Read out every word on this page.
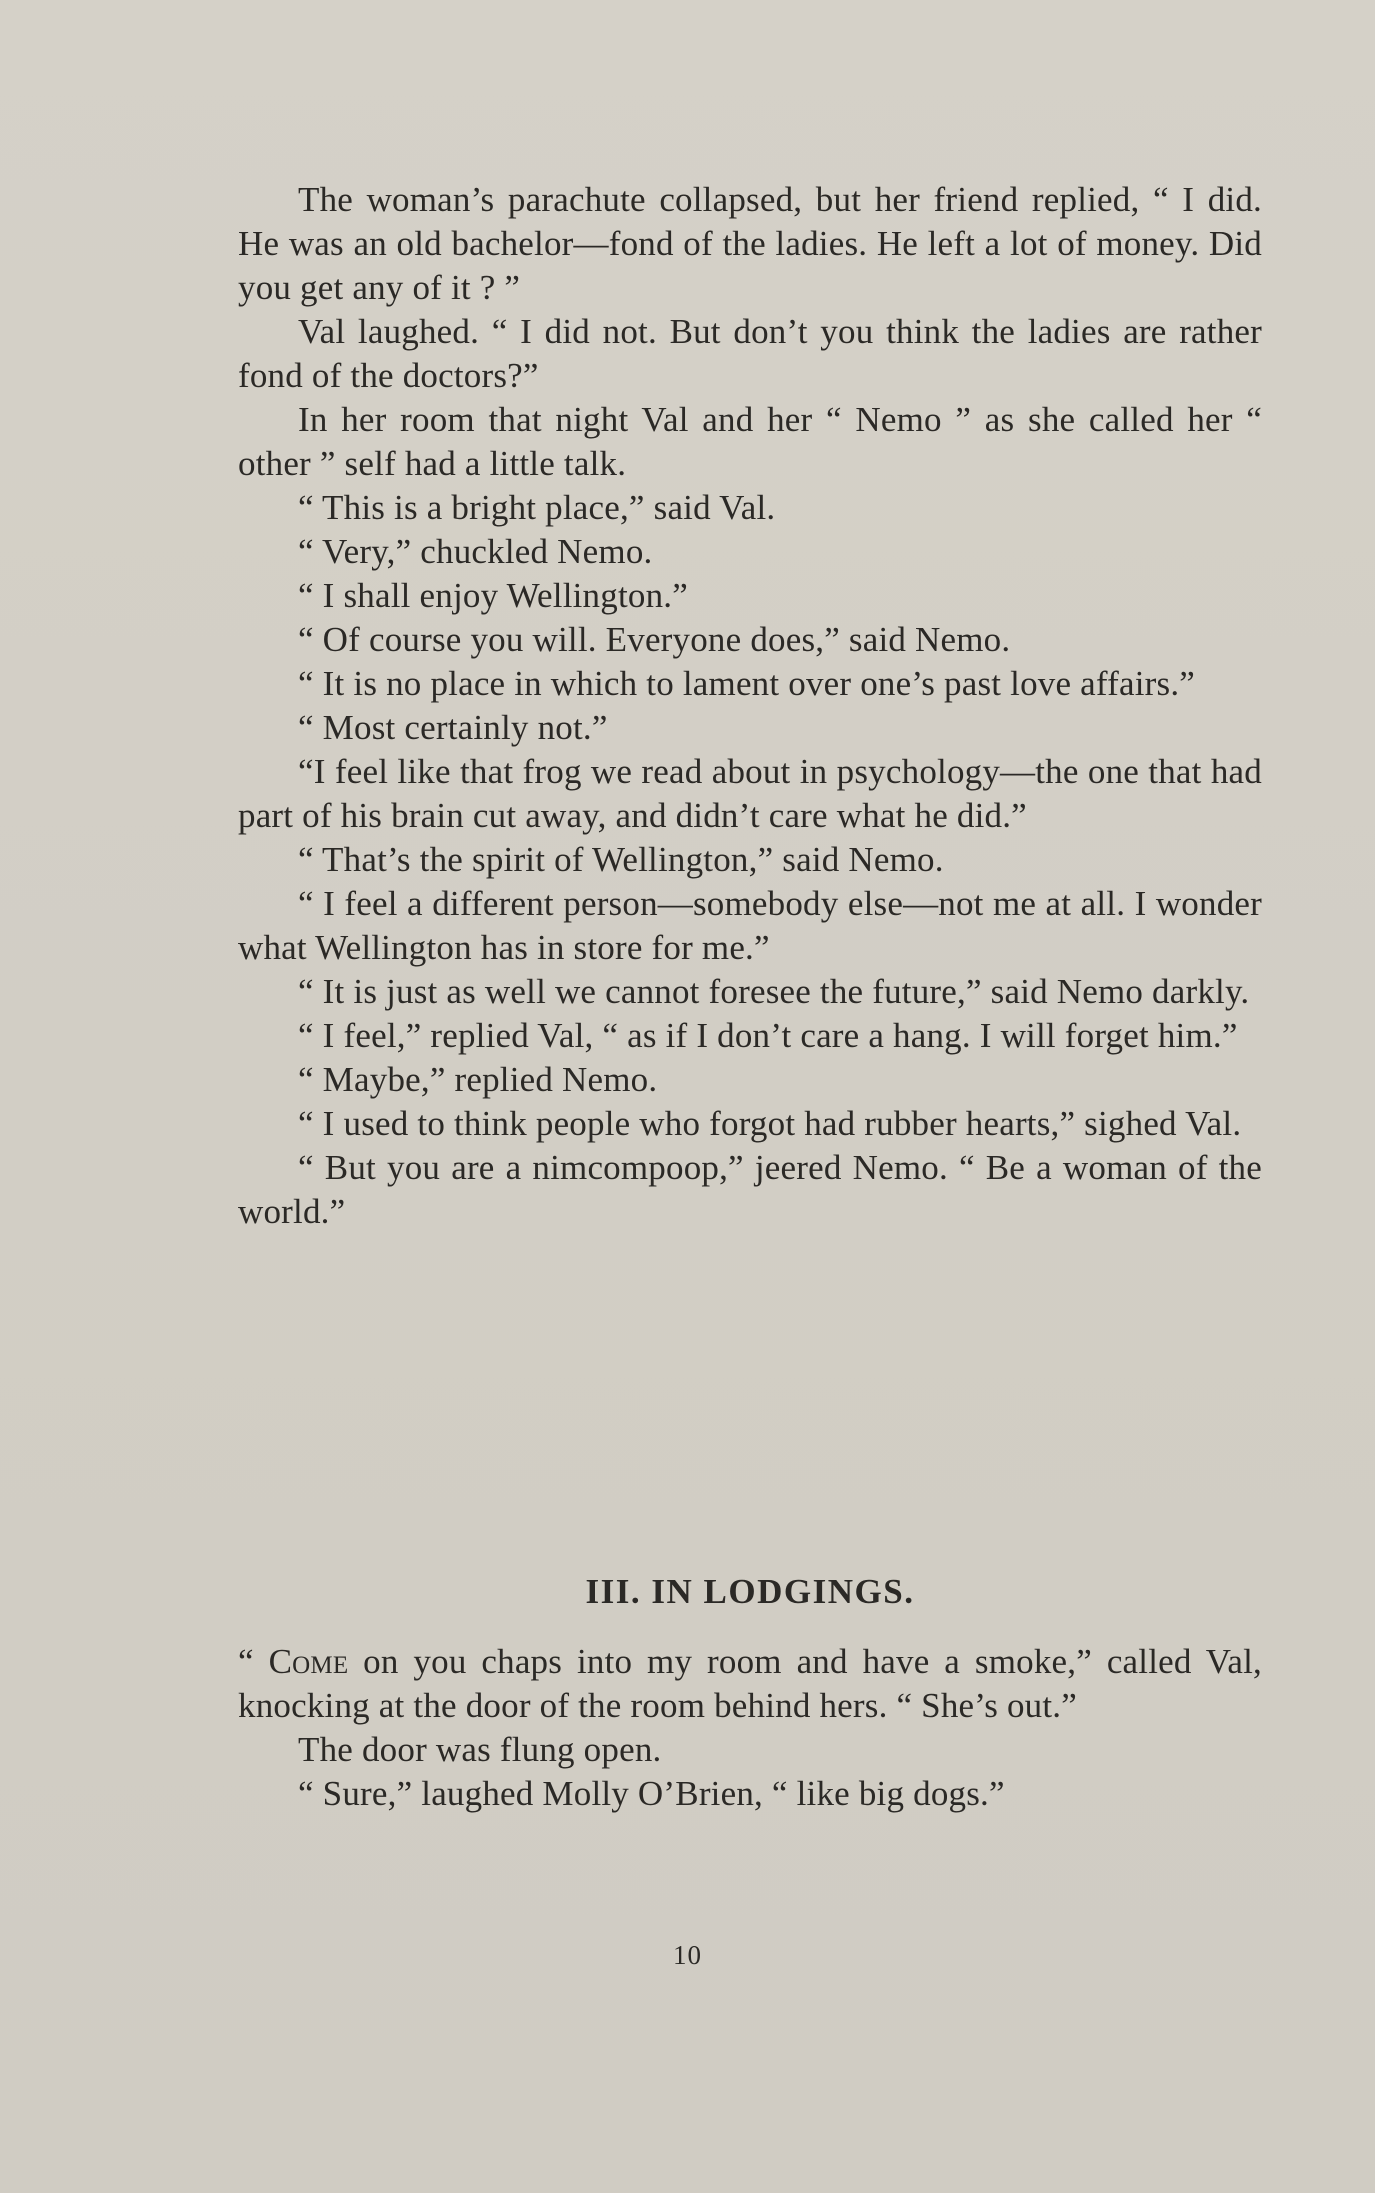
The woman’s parachute collapsed, but her friend replied, “ I did. He was an old bachelor—fond of the ladies. He left a lot of money. Did you get any of it ? ”

Val laughed. “ I did not. But don’t you think the ladies are rather fond of the doctors?”

In her room that night Val and her “ Nemo ” as she called her “ other ” self had a little talk.

“ This is a bright place,” said Val.

“ Very,” chuckled Nemo.

“ I shall enjoy Wellington.”

“ Of course you will. Everyone does,” said Nemo.

“ It is no place in which to lament over one’s past love affairs.”

“ Most certainly not.”

“I feel like that frog we read about in psychology—the one that had part of his brain cut away, and didn’t care what he did.”

“ That’s the spirit of Wellington,” said Nemo.

“ I feel a different person—somebody else—not me at all. I wonder what Wellington has in store for me.”

“ It is just as well we cannot foresee the future,” said Nemo darkly.

“ I feel,” replied Val, “ as if I don’t care a hang. I will forget him.”

“ Maybe,” replied Nemo.

“ I used to think people who forgot had rubber hearts,” sighed Val.

“ But you are a nimcompoop,” jeered Nemo. “ Be a woman of the world.”

III. IN LODGINGS.

“ Come on you chaps into my room and have a smoke,” called Val, knocking at the door of the room behind hers. “ She’s out.”

The door was flung open.

“ Sure,” laughed Molly O’Brien, “ like big dogs.”

10
